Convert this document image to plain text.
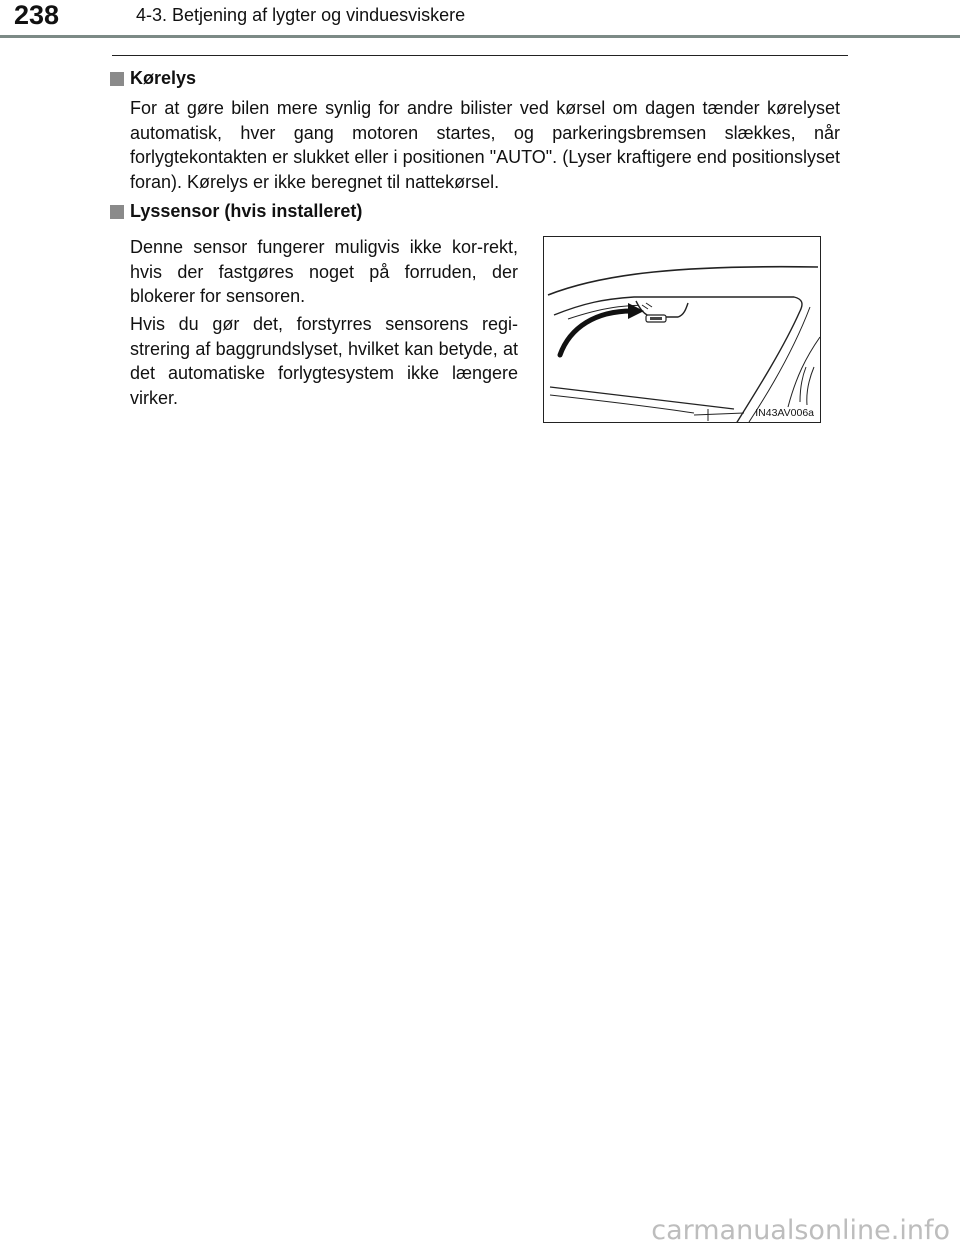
238	4-3. Betjening af lygter og vinduesviskere
Kørelys

For at gøre bilen mere synlig for andre bilister ved kørsel om dagen tænder kørelyset automatisk, hver gang motoren startes, og parkeringsbremsen slækkes, når forlygtekontakten er slukket eller i positionen "AUTO". (Lyser kraftigere end positionslyset foran). Kørelys er ikke beregnet til nattekørsel.

Lyssensor (hvis installeret)

Denne sensor fungerer muligvis ikke kor-rekt, hvis der fastgøres noget på forruden, der blokerer for sensoren.

Hvis du gør det, forstyrres sensorens regi-strering af baggrundslyset, hvilket kan betyde, at det automatiske forlygtesystem ikke længere virker.

IN43AV006a
carmanualsonline.info
